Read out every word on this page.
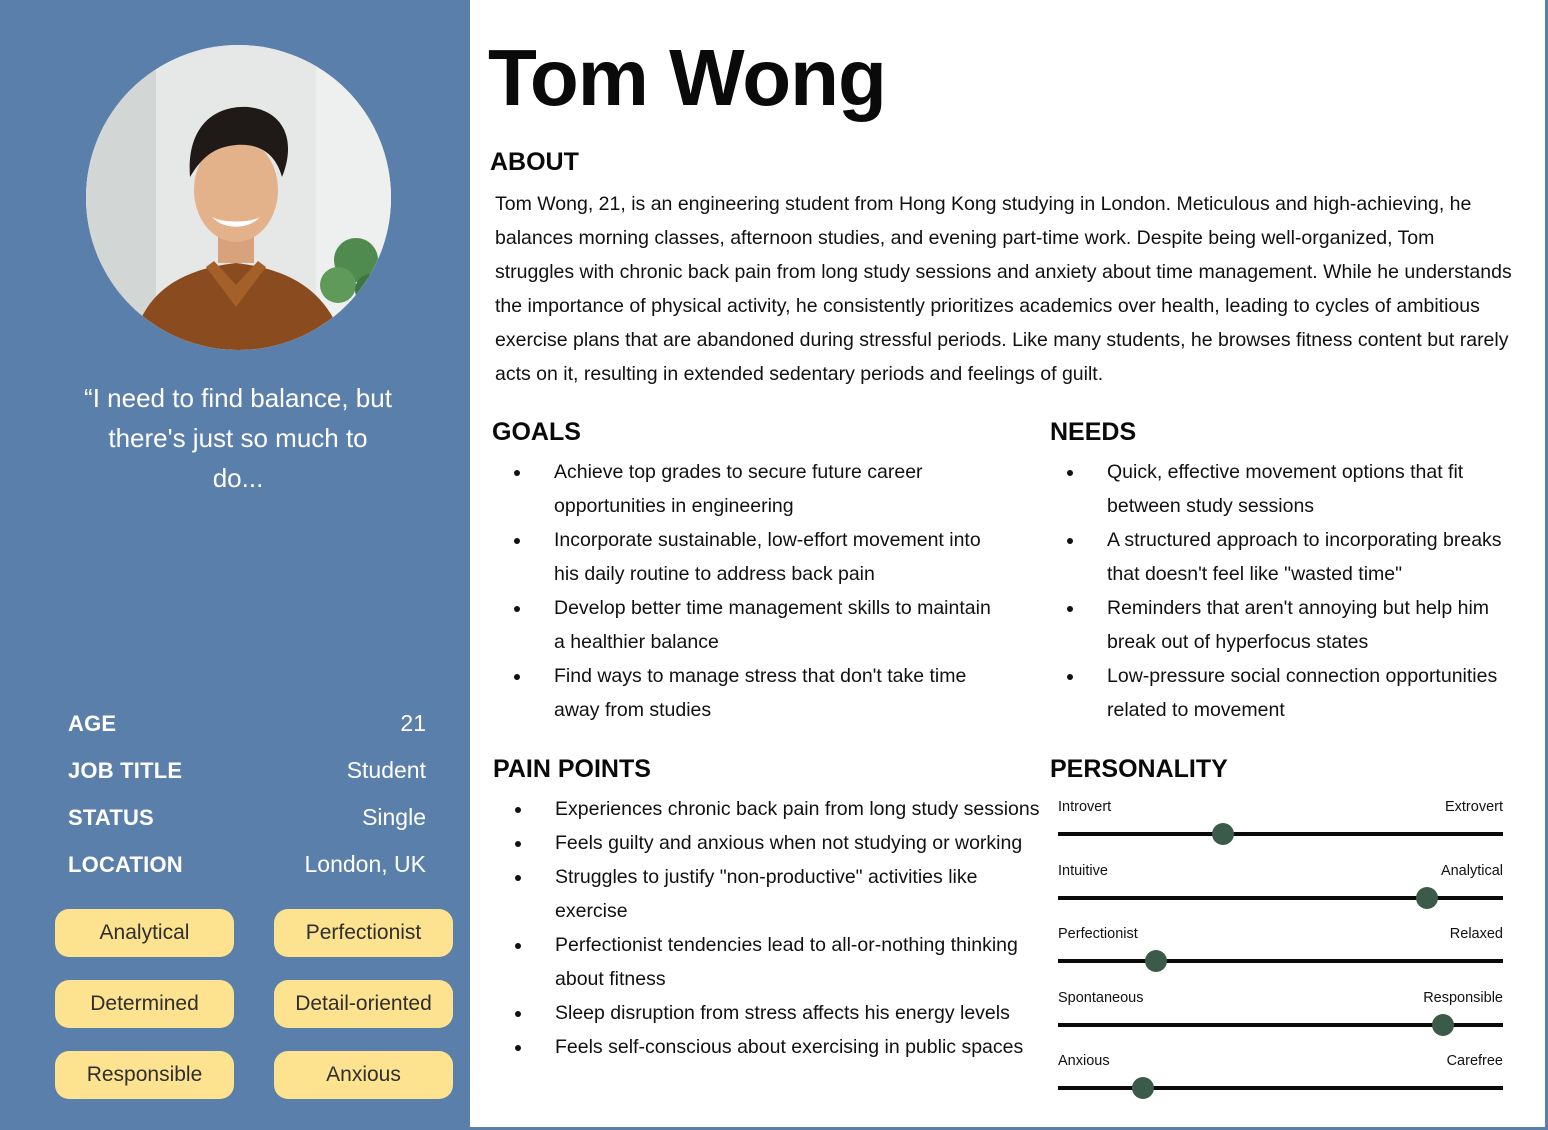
“I need to find balance, but there's just so much to do...
AGE	21
JOB TITLE	Student
STATUS	Single
LOCATION	London, UK
Analytical	Perfectionist
Determined	Detail-oriented
Responsible	Anxious
Tom Wong
ABOUT

Tom Wong, 21, is an engineering student from Hong Kong studying in London. Meticulous and high-achieving, he balances morning classes, afternoon studies, and evening part-time work. Despite being well-organized, Tom struggles with chronic back pain from long study sessions and anxiety about time management. While he understands the importance of physical activity, he consistently prioritizes academics over health, leading to cycles of ambitious exercise plans that are abandoned during stressful periods. Like many students, he browses fitness content but rarely acts on it, resulting in extended sedentary periods and feelings of guilt.

GOALS
• Achieve top grades to secure future career opportunities in engineering
• Incorporate sustainable, low-effort movement into his daily routine to address back pain
• Develop better time management skills to maintain a healthier balance
• Find ways to manage stress that don't take time away from studies
NEEDS
• Quick, effective movement options that fit between study sessions
• A structured approach to incorporating breaks that doesn't feel like "wasted time"
• Reminders that aren't annoying but help him break out of hyperfocus states
• Low-pressure social connection opportunities related to movement
PAIN POINTS
• Experiences chronic back pain from long study sessions
• Feels guilty and anxious when not studying or working
• Struggles to justify "non-productive" activities like exercise
• Perfectionist tendencies lead to all-or-nothing thinking about fitness
• Sleep disruption from stress affects his energy levels
• Feels self-conscious about exercising in public spaces
PERSONALITY
Introvert	Extrovert
Intuitive	Analytical
Perfectionist	Relaxed
Spontaneous	Responsible
Anxious	Carefree
